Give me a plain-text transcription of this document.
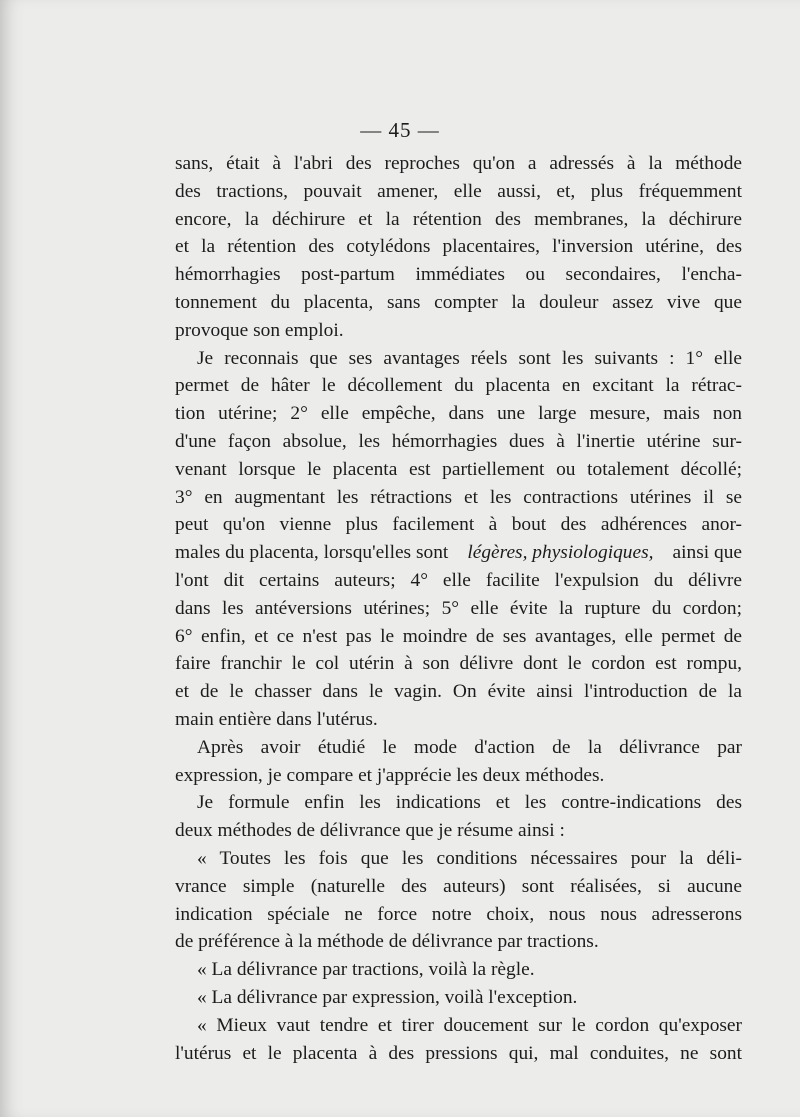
— 45 —
sans, était à l'abri des reproches qu'on a adressés à la méthode
des tractions, pouvait amener, elle aussi, et, plus fréquemment
encore, la déchirure et la rétention des membranes, la déchirure
et la rétention des cotylédons placentaires, l'inversion utérine, des
hémorrhagies post-partum immédiates ou secondaires, l'encha-
tonnement du placenta, sans compter la douleur assez vive que
provoque son emploi.
Je reconnais que ses avantages réels sont les suivants : 1° elle
permet de hâter le décollement du placenta en excitant la rétrac-
tion utérine; 2° elle empêche, dans une large mesure, mais non
d'une façon absolue, les hémorrhagies dues à l'inertie utérine sur-
venant lorsque le placenta est partiellement ou totalement décollé;
3° en augmentant les rétractions et les contractions utérines il se
peut qu'on vienne plus facilement à bout des adhérences anor-
males du placenta, lorsqu'elles sont légères, physiologiques, ainsi que
l'ont dit certains auteurs; 4° elle facilite l'expulsion du délivre
dans les antéversions utérines; 5° elle évite la rupture du cordon;
6° enfin, et ce n'est pas le moindre de ses avantages, elle permet de
faire franchir le col utérin à son délivre dont le cordon est rompu,
et de le chasser dans le vagin. On évite ainsi l'introduction de la
main entière dans l'utérus.
Après avoir étudié le mode d'action de la délivrance par
expression, je compare et j'apprécie les deux méthodes.
Je formule enfin les indications et les contre-indications des
deux méthodes de délivrance que je résume ainsi :
« Toutes les fois que les conditions nécessaires pour la déli-
vrance simple (naturelle des auteurs) sont réalisées, si aucune
indication spéciale ne force notre choix, nous nous adresserons
de préférence à la méthode de délivrance par tractions.
« La délivrance par tractions, voilà la règle.
« La délivrance par expression, voilà l'exception.
« Mieux vaut tendre et tirer doucement sur le cordon qu'exposer
l'utérus et le placenta à des pressions qui, mal conduites, ne sont
